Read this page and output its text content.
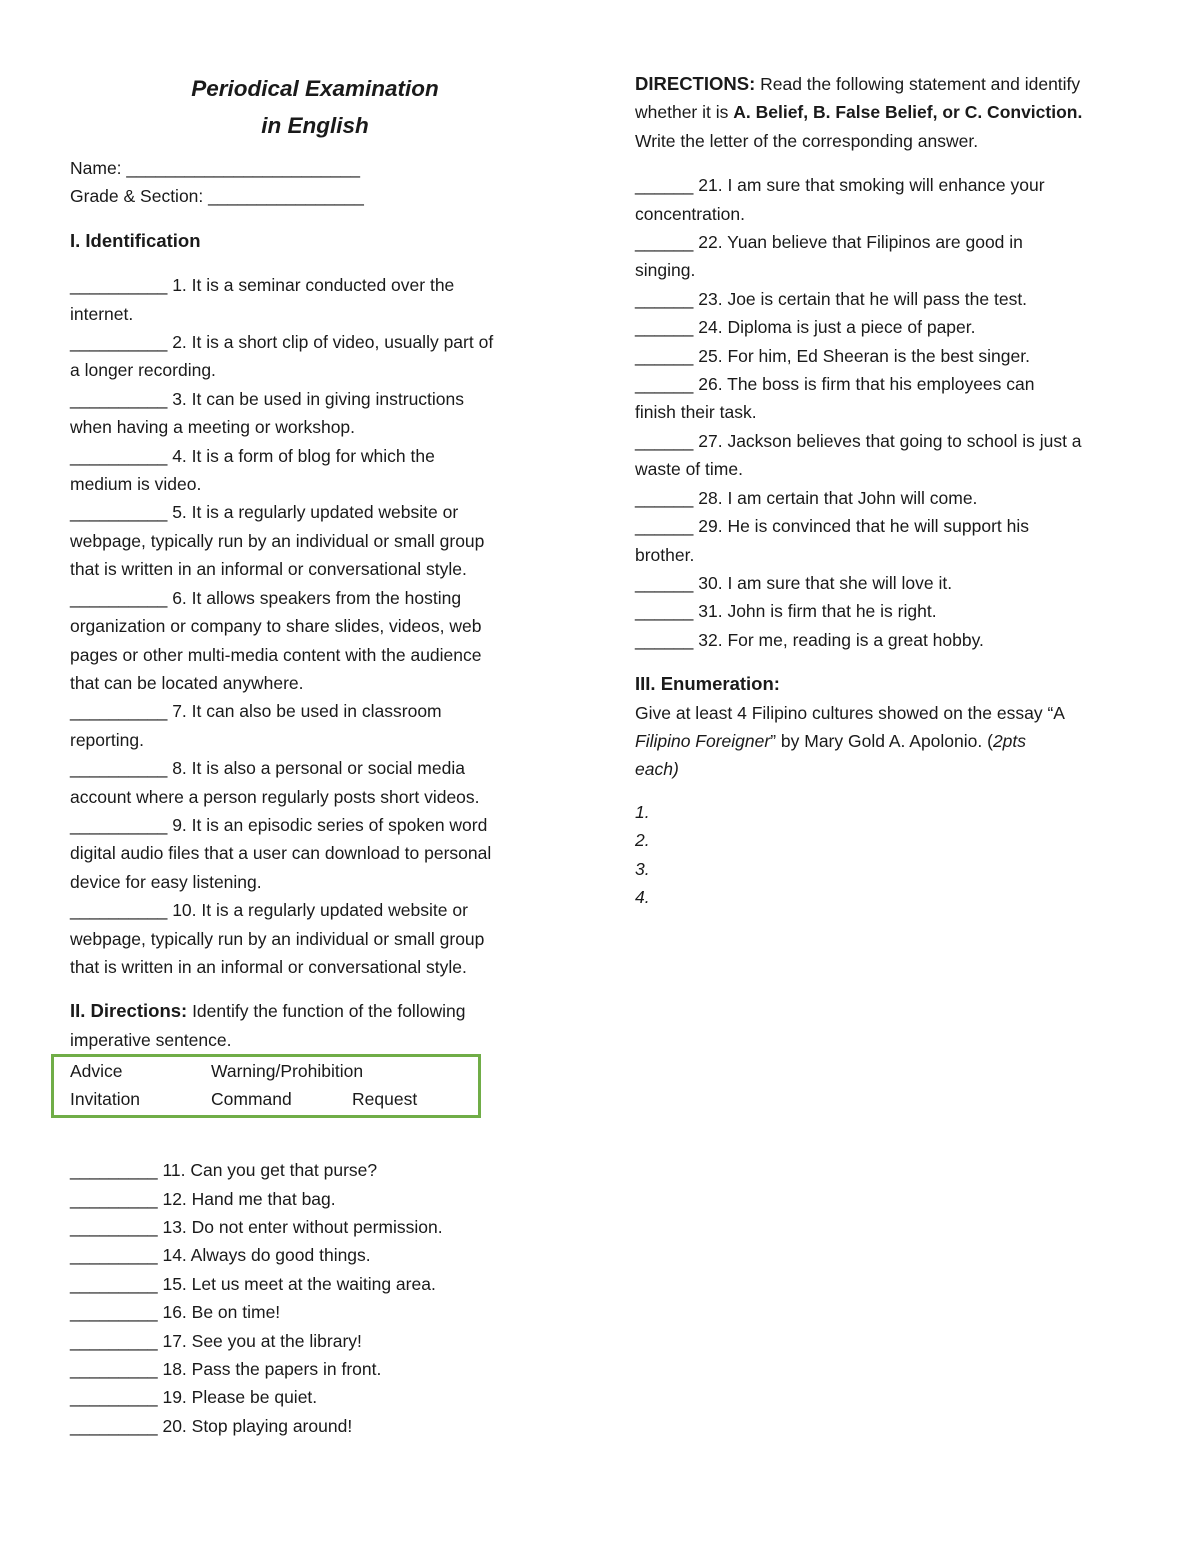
Periodical Examination
in English
Name: ________________________
Grade & Section: ________________
I. Identification
__________ 1. It is a seminar conducted over the
internet.
__________ 2. It is a short clip of video, usually part of
a longer recording.
__________ 3. It can be used in giving instructions
when having a meeting or workshop.
__________ 4. It is a form of blog for which the
medium is video.
__________ 5. It is a regularly updated website or
webpage, typically run by an individual or small group
that is written in an informal or conversational style.
__________ 6. It allows speakers from the hosting
organization or company to share slides, videos, web
pages or other multi-media content with the audience
that can be located anywhere.
__________ 7. It can also be used in classroom
reporting.
__________ 8. It is also a personal or social media
account where a person regularly posts short videos.
__________ 9. It is an episodic series of spoken word
digital audio files that a user can download to personal
device for easy listening.
__________ 10. It is a regularly updated website or
webpage, typically run by an individual or small group
that is written in an informal or conversational style.
II. Directions: Identify the function of the following
imperative sentence.
Advice	Warning/Prohibition
Invitation	Command	Request
_________ 11. Can you get that purse?
_________ 12. Hand me that bag.
_________ 13. Do not enter without permission.
_________ 14. Always do good things.
_________ 15. Let us meet at the waiting area.
_________ 16. Be on time!
_________ 17. See you at the library!
_________ 18. Pass the papers in front.
_________ 19. Please be quiet.
_________ 20. Stop playing around!
DIRECTIONS: Read the following statement and identify
whether it is A. Belief, B. False Belief, or C. Conviction.
Write the letter of the corresponding answer.
______ 21. I am sure that smoking will enhance your
concentration.
______ 22. Yuan believe that Filipinos are good in
singing.
______ 23. Joe is certain that he will pass the test.
______ 24. Diploma is just a piece of paper.
______ 25. For him, Ed Sheeran is the best singer.
______ 26. The boss is firm that his employees can
finish their task.
______ 27. Jackson believes that going to school is just a
waste of time.
______ 28. I am certain that John will come.
______ 29. He is convinced that he will support his
brother.
______ 30. I am sure that she will love it.
______ 31. John is firm that he is right.
______ 32. For me, reading is a great hobby.
III. Enumeration:
Give at least 4 Filipino cultures showed on the essay “A
Filipino Foreigner” by Mary Gold A. Apolonio. (2pts
each)
1.
2.
3.
4.
